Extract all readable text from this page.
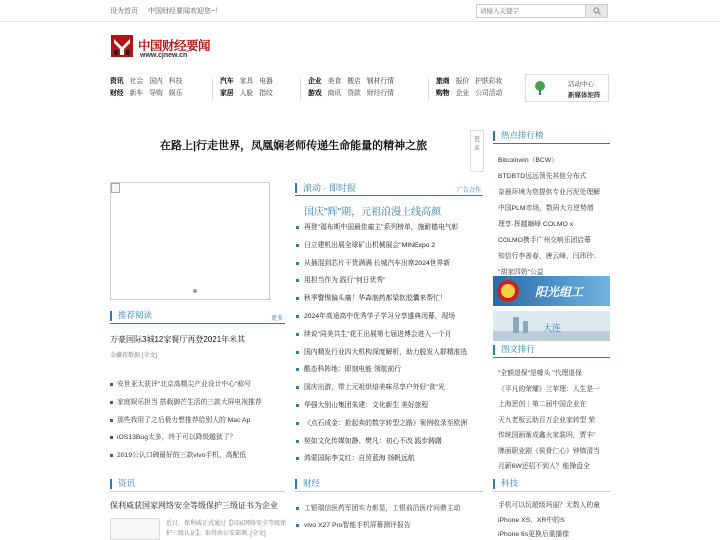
设为首页 中国财经要闻欢迎您~！
请输入关键字
中国财经要闻
www.cjnew.cn
资讯 社会 国内 科技
财经 新车 导购 娱乐
汽车 家具 电器
家居 人脸 指纹
企业 美食 搬店 钢材行情
游戏 商讯 贷款 财经行情
旅商 报价 护肤彩妆
购物 企业 公司活动
活动中心
新媒体矩阵
在路上|行走世界，凤凰娴老师传递生命能量的精神之旅
更多
热点排行榜
Bitcoinwin（BCW）
BTDBTD远远领先其他分布式
奈晨环境为您提供专业污泥处理解
中国PLM市场，数码大方逆势增
理享·挥越巅峰 COLMO x
COLMO携手广州交响乐团启幕
知信行李善春、唐云峰、闫玮玲：
"胡家四奶"公益
滚动 · 即时报	广告合作
国庆"辉"期，元祖浪漫上线高颜
再登"福布斯中国最佳雇主"系列榜单，施耐德电气彰
日立建机出展全球矿山机械展会"MINExpo 2
从插混到芯片干货满满 长城汽车出席2024世界新
用担当作为 践行"何日优秀"
秋季警惕偏头痛！华森制药都梁软胶囊来帮忙！
2024年高途高中优秀学子学习分享盛典闭幕，现场
续说"同美共生"花王出展第七届进博会进入一个月
国内精发行业四大机构深度解析，助力脱发人群精准选
酷态科阵地：即刻电能 领航前行
国庆出游，带上元祖烘焙美味尽享户外好"食"光
华强大别山集团朱建：文化新生 美好旅程
《点石成金：抢起卖的数字转型之路》案例收录至欧洲
契如文化传媒如静、樊凡：初心不改 践步踌躇
鸿蒙国际李艾红：自贸蓝海 扬帆远航
推荐阅读	更多
万豪国际3城12家餐厅再登2021年米其
金藏获数据.[全文]
安世亚太获评"北京高精尖产业设计中心"称号
家庭娱乐担当 搭载御芒生活的三款大屏电视推荐
那些我用了之后极力想推荐给别人的 Mac Ap
iOS13Bug太多，终于可以降级越狱了？
2019公认口碑最好的三款vivo手机，高配低
阳光组工
大连
图文排行
"全额退保"是噱头 "代理退保
《平凡的荣耀》兰苹理：人生是一
上海思创｜第二届中国企业在
天九老板云助百万企业家转型 荣
传统国画渐成鑫火家装吗，贾丰"
牌面职业剧《侯骨仁心》钟镇清当
月薪6W还招不到人？能操盘全
资讯
保利威获国家网络安全等级保护三级证书为企业
近日，保利威正式通过【国家网络安全等级保护三级认证】，取得由公安部颁..[全文]
财经
工银瑞信医药军团实力彰显，工银前沿医疗问鼎主动
vivo X27 Pro智能手机屏幕测评报告
科技
手机可以玩超级玛丽？无数人的童
iPhone XS、XR中的S
iPhone 6s更换后重播像
